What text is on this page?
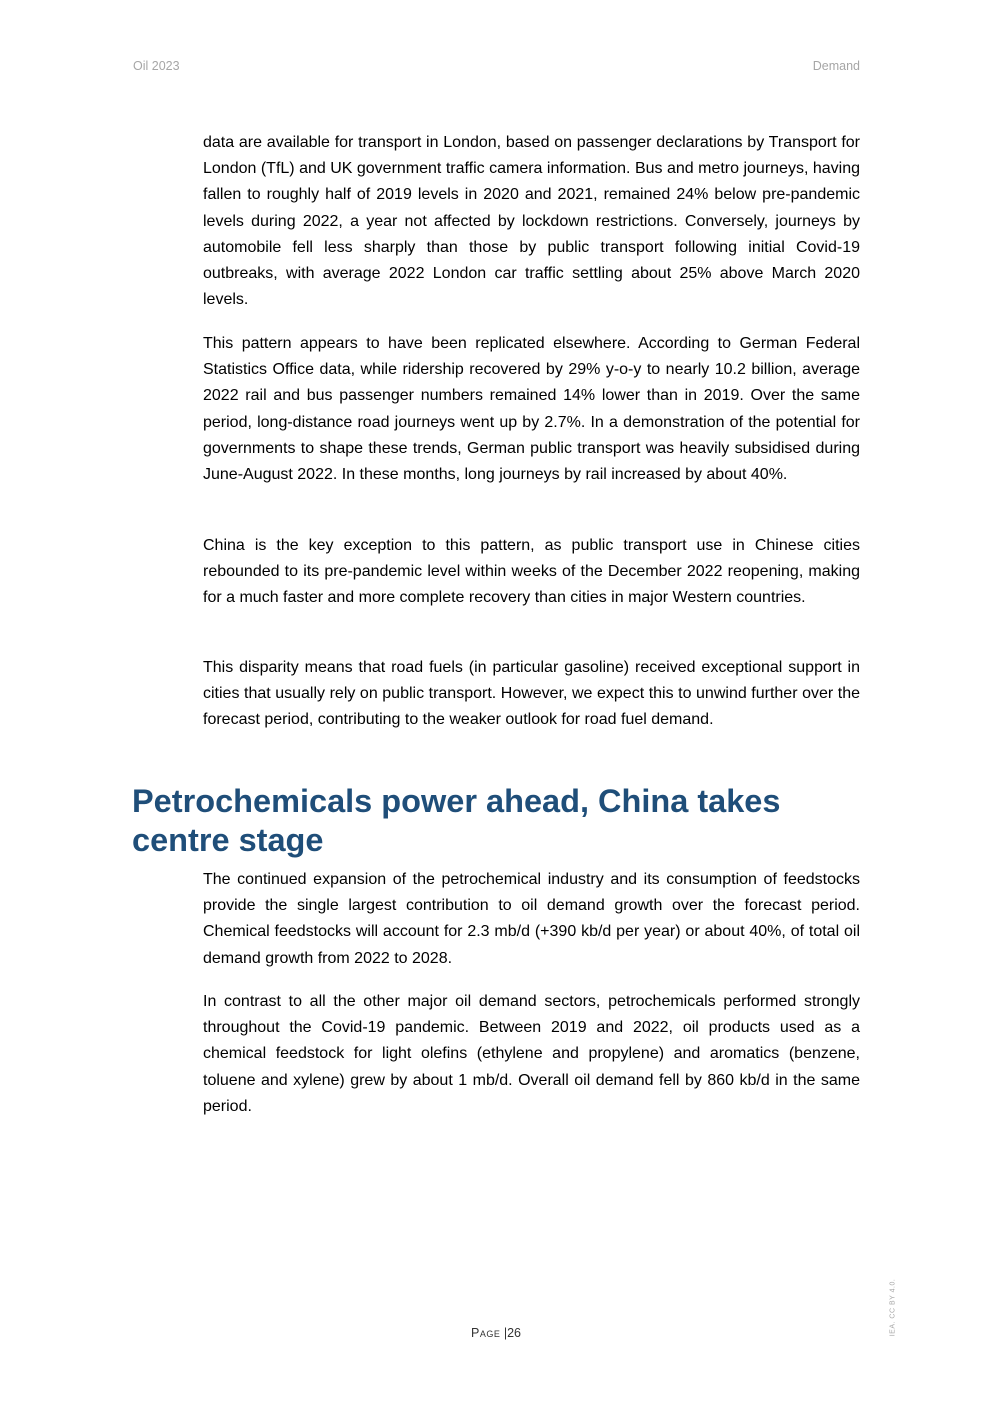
Oil 2023	Demand

data are available for transport in London, based on passenger declarations by Transport for London (TfL) and UK government traffic camera information. Bus and metro journeys, having fallen to roughly half of 2019 levels in 2020 and 2021, remained 24% below pre-pandemic levels during 2022, a year not affected by lockdown restrictions. Conversely, journeys by automobile fell less sharply than those by public transport following initial Covid-19 outbreaks, with average 2022 London car traffic settling about 25% above March 2020 levels.

This pattern appears to have been replicated elsewhere. According to German Federal Statistics Office data, while ridership recovered by 29% y-o-y to nearly 10.2 billion, average 2022 rail and bus passenger numbers remained 14% lower than in 2019. Over the same period, long-distance road journeys went up by 2.7%. In a demonstration of the potential for governments to shape these trends, German public transport was heavily subsidised during June-August 2022. In these months, long journeys by rail increased by about 40%.

China is the key exception to this pattern, as public transport use in Chinese cities rebounded to its pre-pandemic level within weeks of the December 2022 reopening, making for a much faster and more complete recovery than cities in major Western countries.

This disparity means that road fuels (in particular gasoline) received exceptional support in cities that usually rely on public transport. However, we expect this to unwind further over the forecast period, contributing to the weaker outlook for road fuel demand.

Petrochemicals power ahead, China takes centre stage

The continued expansion of the petrochemical industry and its consumption of feedstocks provide the single largest contribution to oil demand growth over the forecast period. Chemical feedstocks will account for 2.3 mb/d (+390 kb/d per year) or about 40%, of total oil demand growth from 2022 to 2028.

In contrast to all the other major oil demand sectors, petrochemicals performed strongly throughout the Covid-19 pandemic. Between 2019 and 2022, oil products used as a chemical feedstock for light olefins (ethylene and propylene) and aromatics (benzene, toluene and xylene) grew by about 1 mb/d. Overall oil demand fell by 860 kb/d in the same period.

Page |26	IEA. CC BY 4.0.
